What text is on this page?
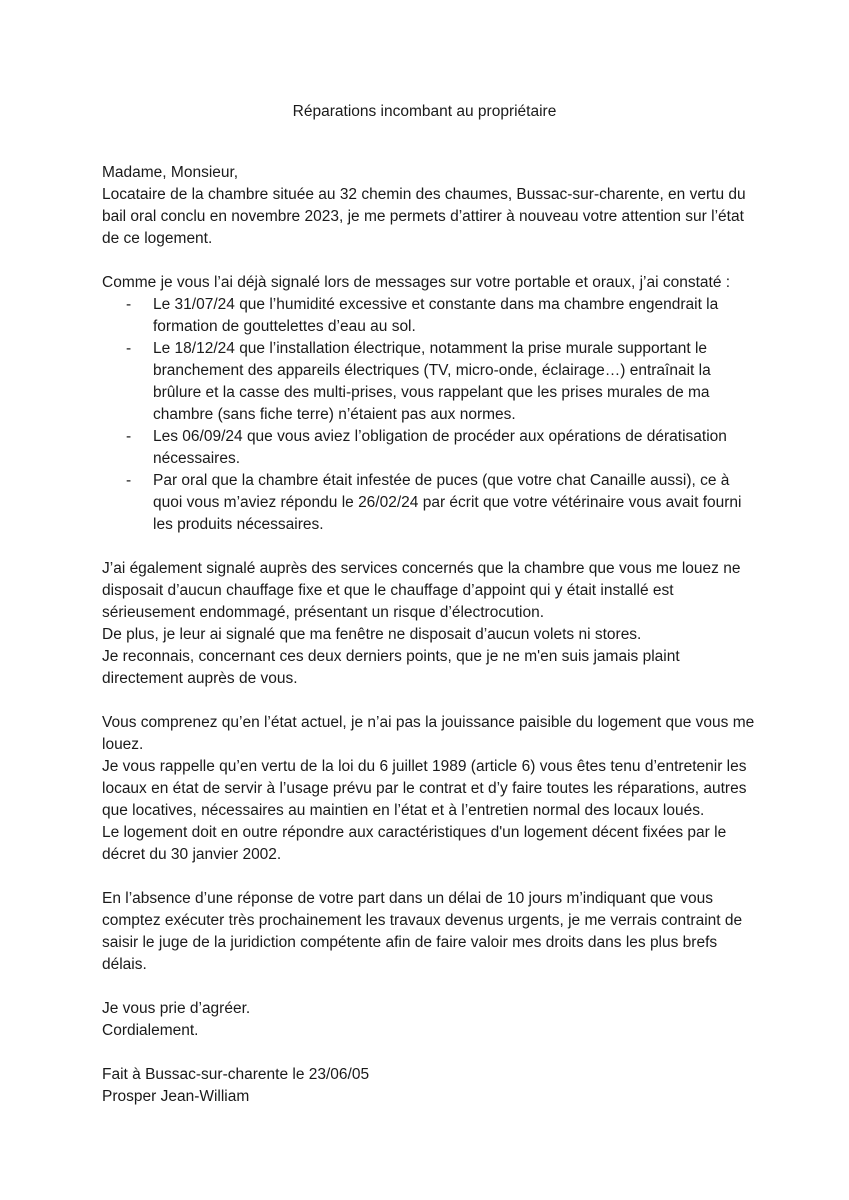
Réparations incombant au propriétaire

Madame, Monsieur,

Locataire de la chambre située au 32 chemin des chaumes, Bussac-sur-charente, en vertu du bail oral conclu en novembre 2023, je me permets d’attirer à nouveau votre attention sur l’état de ce logement.

Comme je vous l’ai déjà signalé lors de messages sur votre portable et oraux, j’ai constaté :

- Le 31/07/24 que l’humidité excessive et constante dans ma chambre engendrait la formation de gouttelettes d’eau au sol.
- Le 18/12/24 que l’installation électrique, notamment la prise murale supportant le branchement des appareils électriques (TV, micro-onde, éclairage…) entraînait la brûlure et la casse des multi-prises, vous rappelant que les prises murales de ma chambre (sans fiche terre) n’étaient pas aux normes.
- Les 06/09/24 que vous aviez l’obligation de procéder aux opérations de dératisation nécessaires.
- Par oral que la chambre était infestée de puces (que votre chat Canaille aussi), ce à quoi vous m’aviez répondu le 26/02/24 par écrit que votre vétérinaire vous avait fourni les produits nécessaires.

J’ai également signalé auprès des services concernés que la chambre que vous me louez ne disposait d’aucun chauffage fixe et que le chauffage d’appoint qui y était installé est sérieusement endommagé, présentant un risque d’électrocution.

De plus, je leur ai signalé que ma fenêtre ne disposait d’aucun volets ni stores.

Je reconnais, concernant ces deux derniers points, que je ne m'en suis jamais plaint directement auprès de vous.

Vous comprenez qu’en l’état actuel, je n’ai pas la jouissance paisible du logement que vous me louez.

Je vous rappelle qu’en vertu de la loi du 6 juillet 1989 (article 6) vous êtes tenu d’entretenir les locaux en état de servir à l’usage prévu par le contrat et d’y faire toutes les réparations, autres que locatives, nécessaires au maintien en l’état et à l’entretien normal des locaux loués.

Le logement doit en outre répondre aux caractéristiques d'un logement décent fixées par le décret du 30 janvier 2002.

En l’absence d’une réponse de votre part dans un délai de 10 jours m’indiquant que vous comptez exécuter très prochainement les travaux devenus urgents, je me verrais contraint de saisir le juge de la juridiction compétente afin de faire valoir mes droits dans les plus brefs délais.

Je vous prie d’agréer.

Cordialement.

Fait à Bussac-sur-charente le 23/06/05

Prosper Jean-William
